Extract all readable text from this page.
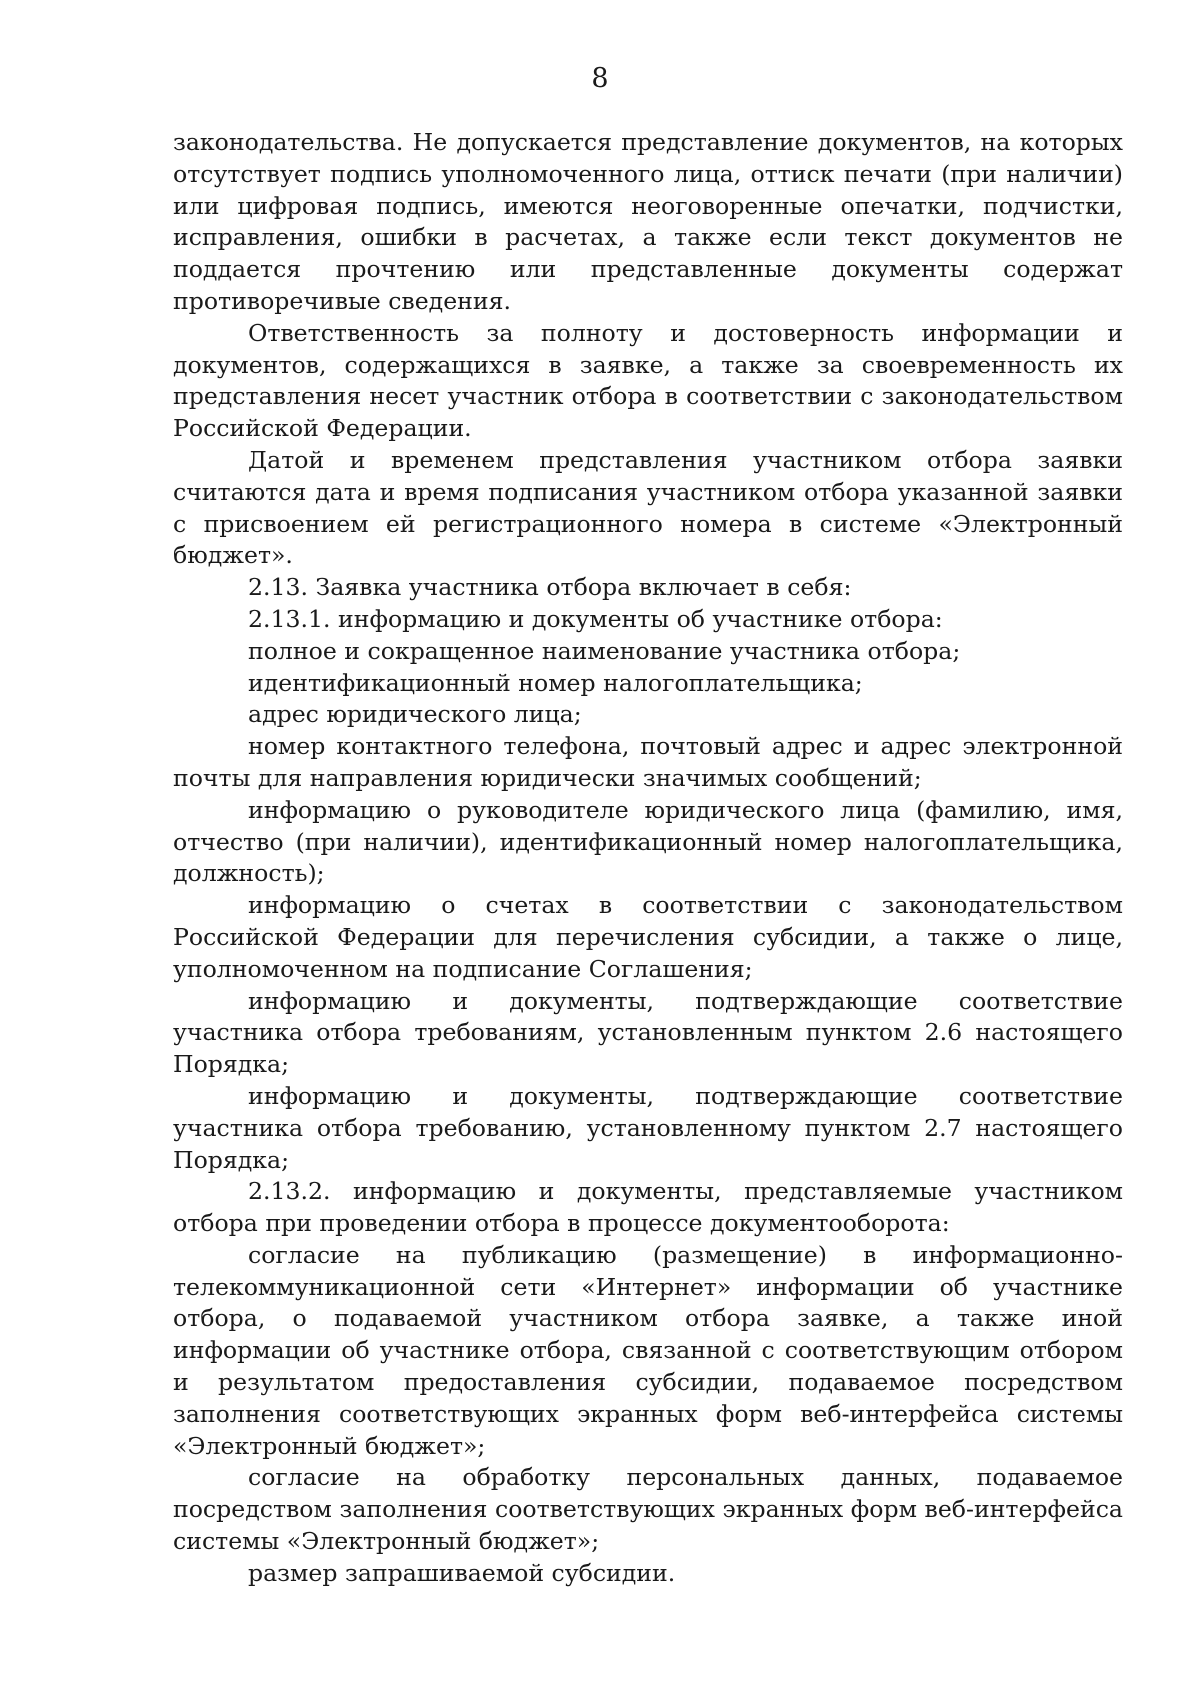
8

законодательства. Не допускается представление документов, на которых отсутствует подпись уполномоченного лица, оттиск печати (при наличии) или цифровая подпись, имеются неоговоренные опечатки, подчистки, исправления, ошибки в расчетах, а также если текст документов не поддается прочтению или представленные документы содержат противоречивые сведения.

Ответственность за полноту и достоверность информации и документов, содержащихся в заявке, а также за своевременность их представления несет участник отбора в соответствии с законодательством Российской Федерации.

Датой и временем представления участником отбора заявки считаются дата и время подписания участником отбора указанной заявки с присвоением ей регистрационного номера в системе «Электронный бюджет».

2.13. Заявка участника отбора включает в себя:

2.13.1. информацию и документы об участнике отбора:

полное и сокращенное наименование участника отбора;

идентификационный номер налогоплательщика;

адрес юридического лица;

номер контактного телефона, почтовый адрес и адрес электронной почты для направления юридически значимых сообщений;

информацию о руководителе юридического лица (фамилию, имя, отчество (при наличии), идентификационный номер налогоплательщика, должность);

информацию о счетах в соответствии с законодательством Российской Федерации для перечисления субсидии, а также о лице, уполномоченном на подписание Соглашения;

информацию и документы, подтверждающие соответствие участника отбора требованиям, установленным пунктом 2.6 настоящего Порядка;

информацию и документы, подтверждающие соответствие участника отбора требованию, установленному пунктом 2.7 настоящего Порядка;

2.13.2. информацию и документы, представляемые участником отбора при проведении отбора в процессе документооборота:

согласие на публикацию (размещение) в информационно-телекоммуникационной сети «Интернет» информации об участнике отбора, о подаваемой участником отбора заявке, а также иной информации об участнике отбора, связанной с соответствующим отбором и результатом предоставления субсидии, подаваемое посредством заполнения соответствующих экранных форм веб-интерфейса системы «Электронный бюджет»;

согласие на обработку персональных данных, подаваемое посредством заполнения соответствующих экранных форм веб-интерфейса системы «Электронный бюджет»;

размер запрашиваемой субсидии.
